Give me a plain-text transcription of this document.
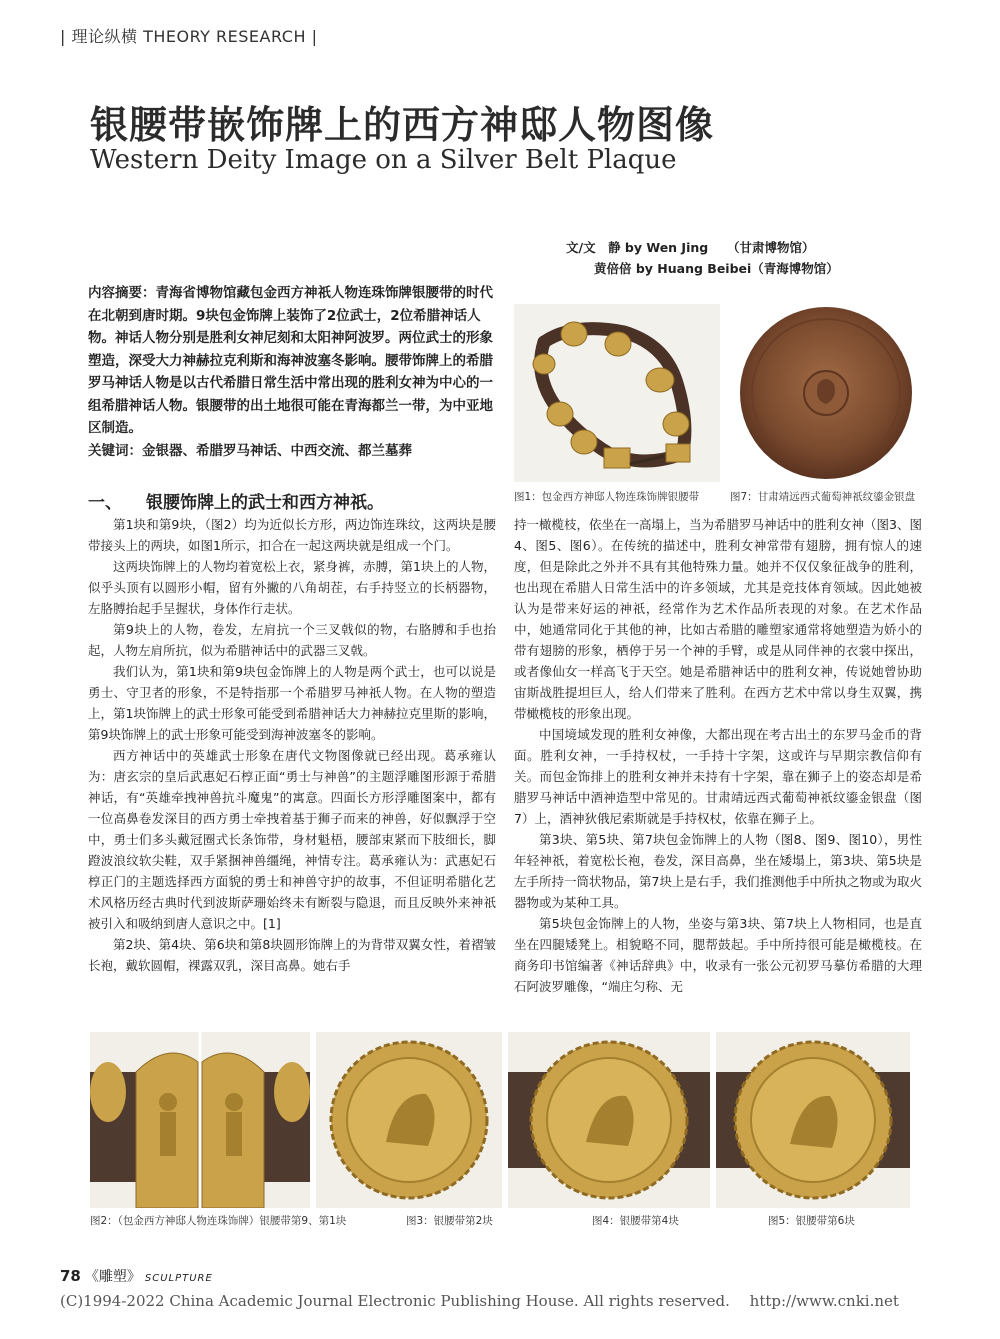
| 理论纵横 THEORY RESEARCH |
银腰带嵌饰牌上的西方神邸人物图像
Western Deity Image on a Silver Belt Plaque
文/文　静 by Wen Jing　　（甘肃博物馆）
黄倍倍 by Huang Beibei（青海博物馆）

内容摘要：青海省博物馆藏包金西方神祇人物连珠饰牌银腰带的时代在北朝到唐时期。9块包金饰牌上装饰了2位武士，2位希腊神话人物。神话人物分别是胜利女神尼刻和太阳神阿波罗。两位武士的形象塑造，深受大力神赫拉克利斯和海神波塞冬影响。腰带饰牌上的希腊罗马神话人物是以古代希腊日常生活中常出现的胜利女神为中心的一组希腊神话人物。银腰带的出土地很可能在青海都兰一带，为中亚地区制造。

关键词：金银器、希腊罗马神话、中西交流、都兰墓葬

图1：包金西方神邸人物连珠饰牌银腰带	图7：甘肃靖远西式葡萄神祇纹鎏金银盘
一、 银腰饰牌上的武士和西方神祇。

第1块和第9块，（图2）均为近似长方形，两边饰连珠纹，这两块是腰带接头上的两块，如图1所示，扣合在一起这两块就是组成一个门。

这两块饰牌上的人物均着宽松上衣，紧身裤，赤膊，第1块上的人物，似乎头顶有以圆形小帽，留有外撇的八角胡茬，右手持竖立的长柄器物，左胳膊抬起手呈握状，身体作行走状。

第9块上的人物，卷发，左肩抗一个三叉戟似的物，右胳膊和手也抬起，人物左肩所抗，似为希腊神话中的武器三叉戟。

我们认为，第1块和第9块包金饰牌上的人物是两个武士，也可以说是勇士、守卫者的形象，不是特指那一个希腊罗马神祇人物。在人物的塑造上，第1块饰牌上的武士形象可能受到希腊神话大力神赫拉克里斯的影响，第9块饰牌上的武士形象可能受到海神波塞冬的影响。

西方神话中的英雄武士形象在唐代文物图像就已经出现。葛承雍认为：唐玄宗的皇后武惠妃石椁正面“勇士与神兽”的主题浮雕图形源于希腊神话，有“英雄牵拽神兽抗斗魔鬼”的寓意。四面长方形浮雕图案中，都有一位高鼻卷发深目的西方勇士牵拽着基于狮子而来的神兽，好似飘浮于空中，勇士们多头戴冠圈式长条饰带，身材魁梧，腰部束紧而下肢细长，脚蹬波浪纹软尖鞋，双手紧捆神兽缰绳，神情专注。葛承雍认为：武惠妃石椁正门的主题选择西方面貌的勇士和神兽守护的故事，不但证明希腊化艺术风格历经古典时代到波斯萨珊始终未有断裂与隐退，而且反映外来神祇被引入和吸纳到唐人意识之中。[1]

第2块、第4块、第6块和第8块圆形饰牌上的为背带双翼女性，着褶皱长袍，戴软圆帽，裸露双乳，深目高鼻。她右手

持一橄榄枝，依坐在一高塌上，当为希腊罗马神话中的胜利女神（图3、图4、图5、图6）。在传统的描述中，胜利女神常带有翅膀，拥有惊人的速度，但是除此之外并不具有其他特殊力量。她并不仅仅象征战争的胜利，也出现在希腊人日常生活中的许多领域，尤其是竞技体育领域。因此她被认为是带来好运的神祇，经常作为艺术作品所表现的对象。在艺术作品中，她通常同化于其他的神，比如古希腊的雕塑家通常将她塑造为娇小的带有翅膀的形象，栖停于另一个神的手臂，或是从同伴神的衣裳中探出，或者像仙女一样高飞于天空。她是希腊神话中的胜利女神，传说她曾协助宙斯战胜提坦巨人，给人们带来了胜利。在西方艺术中常以身生双翼，携带橄榄枝的形象出现。

中国境域发现的胜利女神像，大都出现在考古出土的东罗马金币的背面。胜利女神，一手持权杖，一手持十字架，这或许与早期宗教信仰有关。而包金饰排上的胜利女神并未持有十字架，靠在狮子上的姿态却是希腊罗马神话中酒神造型中常见的。甘肃靖远西式葡萄神祇纹鎏金银盘（图7）上，酒神狄俄尼索斯就是手持权杖，依靠在狮子上。

第3块、第5块、第7块包金饰牌上的人物（图8、图9、图10），男性年轻神祇，着宽松长袍，卷发，深目高鼻，坐在矮塌上，第3块、第5块是左手所持一筒状物品，第7块上是右手，我们推测他手中所执之物或为取火器物或为某种工具。

第5块包金饰牌上的人物，坐姿与第3块、第7块上人物相同，也是直坐在四腿矮凳上。相貌略不同，腮帮鼓起。手中所持很可能是橄榄枝。在商务印书馆编著《神话辞典》中，收录有一张公元初罗马摹仿希腊的大理石阿波罗雕像，“端庄匀称、无

图2：（包金西方神邸人物连珠饰牌）银腰带第9、第1块	图3：银腰带第2块	图4：银腰带第4块	图5：银腰带第6块
78 《雕塑》 SCULPTURE
(C)1994-2022 China Academic Journal Electronic Publishing House. All rights reserved.　 http://www.cnki.net
